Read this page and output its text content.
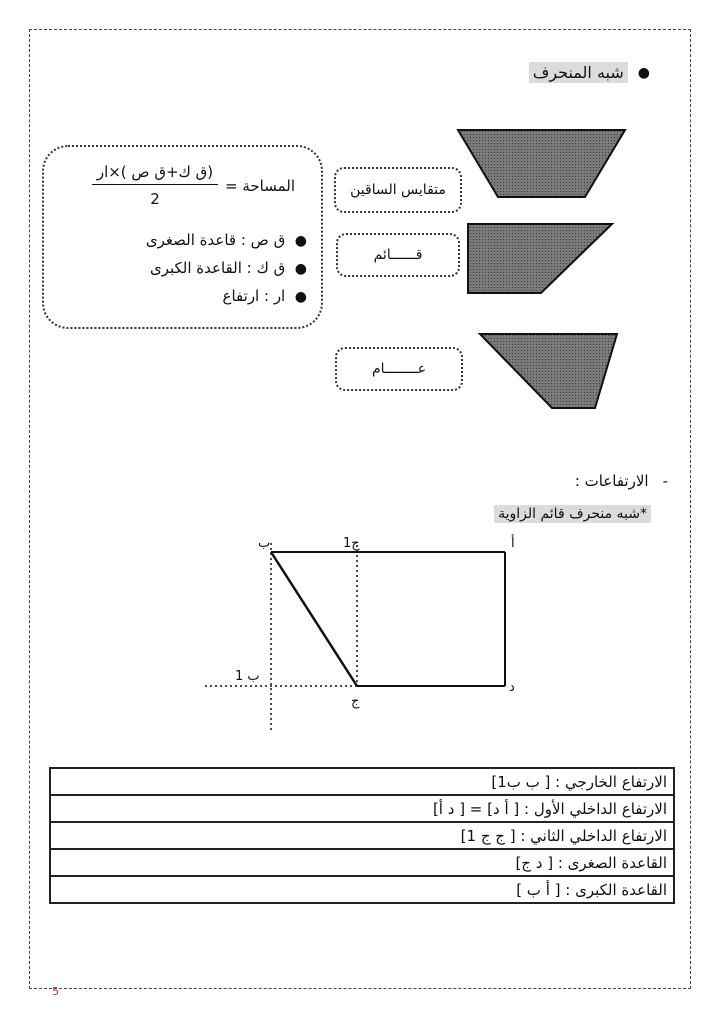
●
شبه المنحرف
المساحة =
(ق ك+ق ص )×ار
2
●  ق ص : قاعدة الصغرى
●  ق ك : القاعدة الكبرى
●  ار : ارتفاع
متقايس الساقين
قــــــائم
عــــــــام
-
الارتفاعات :
*شبه منحرف قائم الزاوية
أ
ب	ج1
ب 1
ج
د
الارتفاع الخارجي : [ ب ب1]
الارتفاع الداخلي الأول : [ أ د] = [ د أ]
الارتفاع الداخلي الثاني : [ ج ج 1]
القاعدة الصغرى : [ د ج]
القاعدة الكبرى : [ أ ب ]
5
